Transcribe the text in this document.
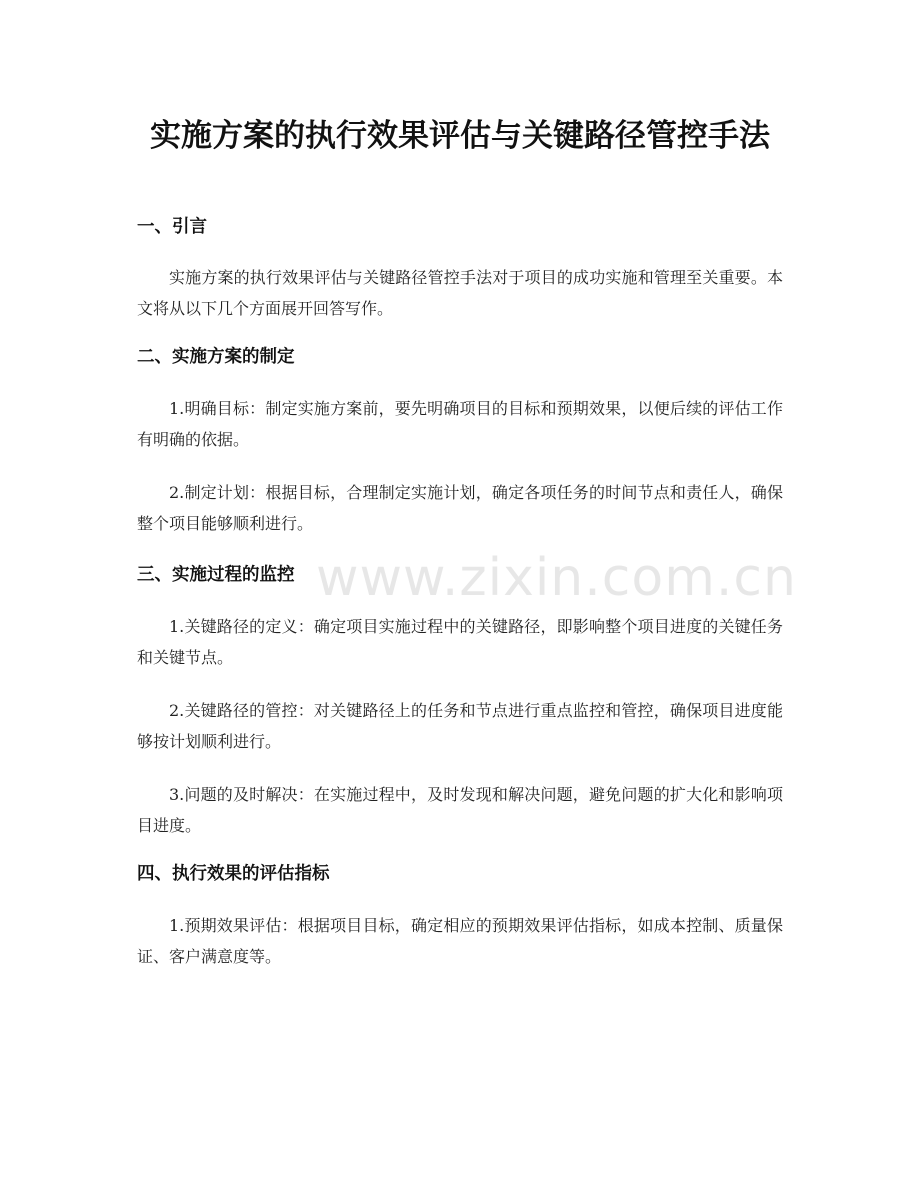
实施方案的执行效果评估与关键路径管控手法
一、引言

实施方案的执行效果评估与关键路径管控手法对于项目的成功实施和管理至关重要。本文将从以下几个方面展开回答写作。

二、实施方案的制定

1.明确目标：制定实施方案前，要先明确项目的目标和预期效果，以便后续的评估工作有明确的依据。

2.制定计划：根据目标，合理制定实施计划，确定各项任务的时间节点和责任人，确保整个项目能够顺利进行。

三、实施过程的监控

1.关键路径的定义：确定项目实施过程中的关键路径，即影响整个项目进度的关键任务和关键节点。

2.关键路径的管控：对关键路径上的任务和节点进行重点监控和管控，确保项目进度能够按计划顺利进行。

3.问题的及时解决：在实施过程中，及时发现和解决问题，避免问题的扩大化和影响项目进度。

四、执行效果的评估指标

1.预期效果评估：根据项目目标，确定相应的预期效果评估指标，如成本控制、质量保证、客户满意度等。

www.zixin.com.cn
